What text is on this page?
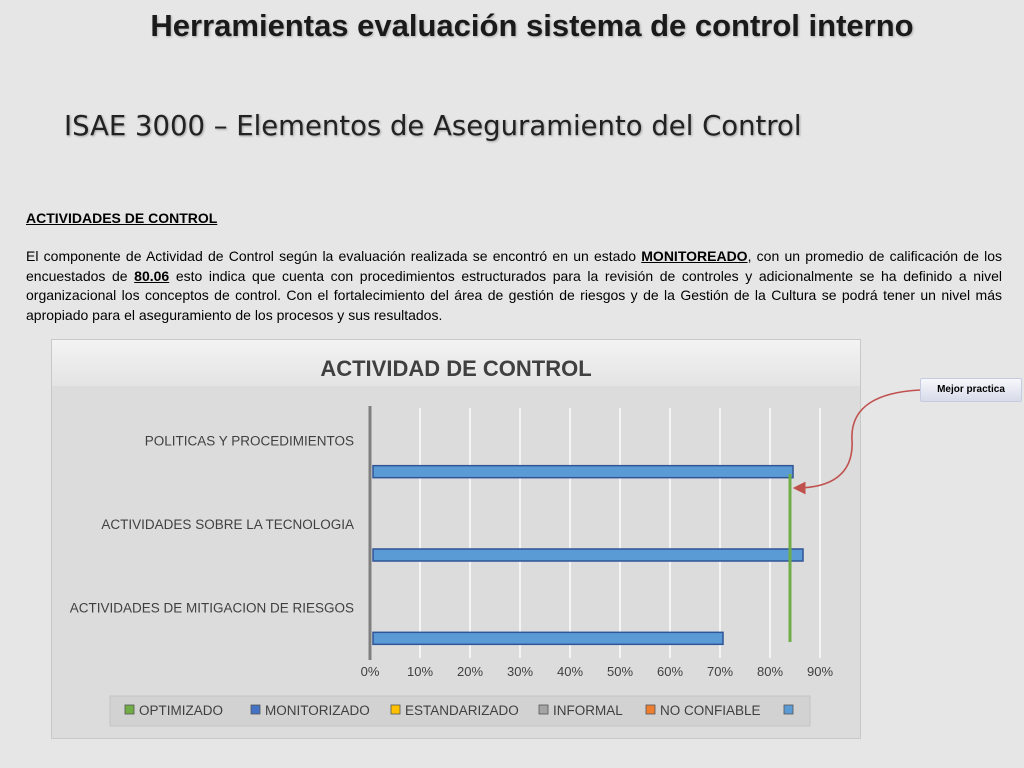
Herramientas evaluación sistema de control interno
ISAE 3000 – Elementos de Aseguramiento del Control
ACTIVIDADES DE CONTROL
El componente de Actividad de Control según la evaluación realizada se encontró en un estado MONITOREADO, con un promedio de calificación de los encuestados de 80.06 esto indica que cuenta con procedimientos estructurados para la revisión de controles y adicionalmente se ha definido a nivel organizacional los conceptos de control. Con el fortalecimiento del área de gestión de riesgos y de la Gestión de la Cultura se podrá tener un nivel más apropiado para el aseguramiento de los procesos y sus resultados.
ACTIVIDAD DE CONTROL
0% 10% 20% 30% 40% 50% 60% 70% 80% 90%
POLITICAS Y PROCEDIMIENTOS
ACTIVIDADES SOBRE LA TECNOLOGIA
ACTIVIDADES DE MITIGACION DE RIESGOS
OPTIMIZADO	MONITORIZADO	ESTANDARIZADO	INFORMAL	NO CONFIABLE
Mejor practica
